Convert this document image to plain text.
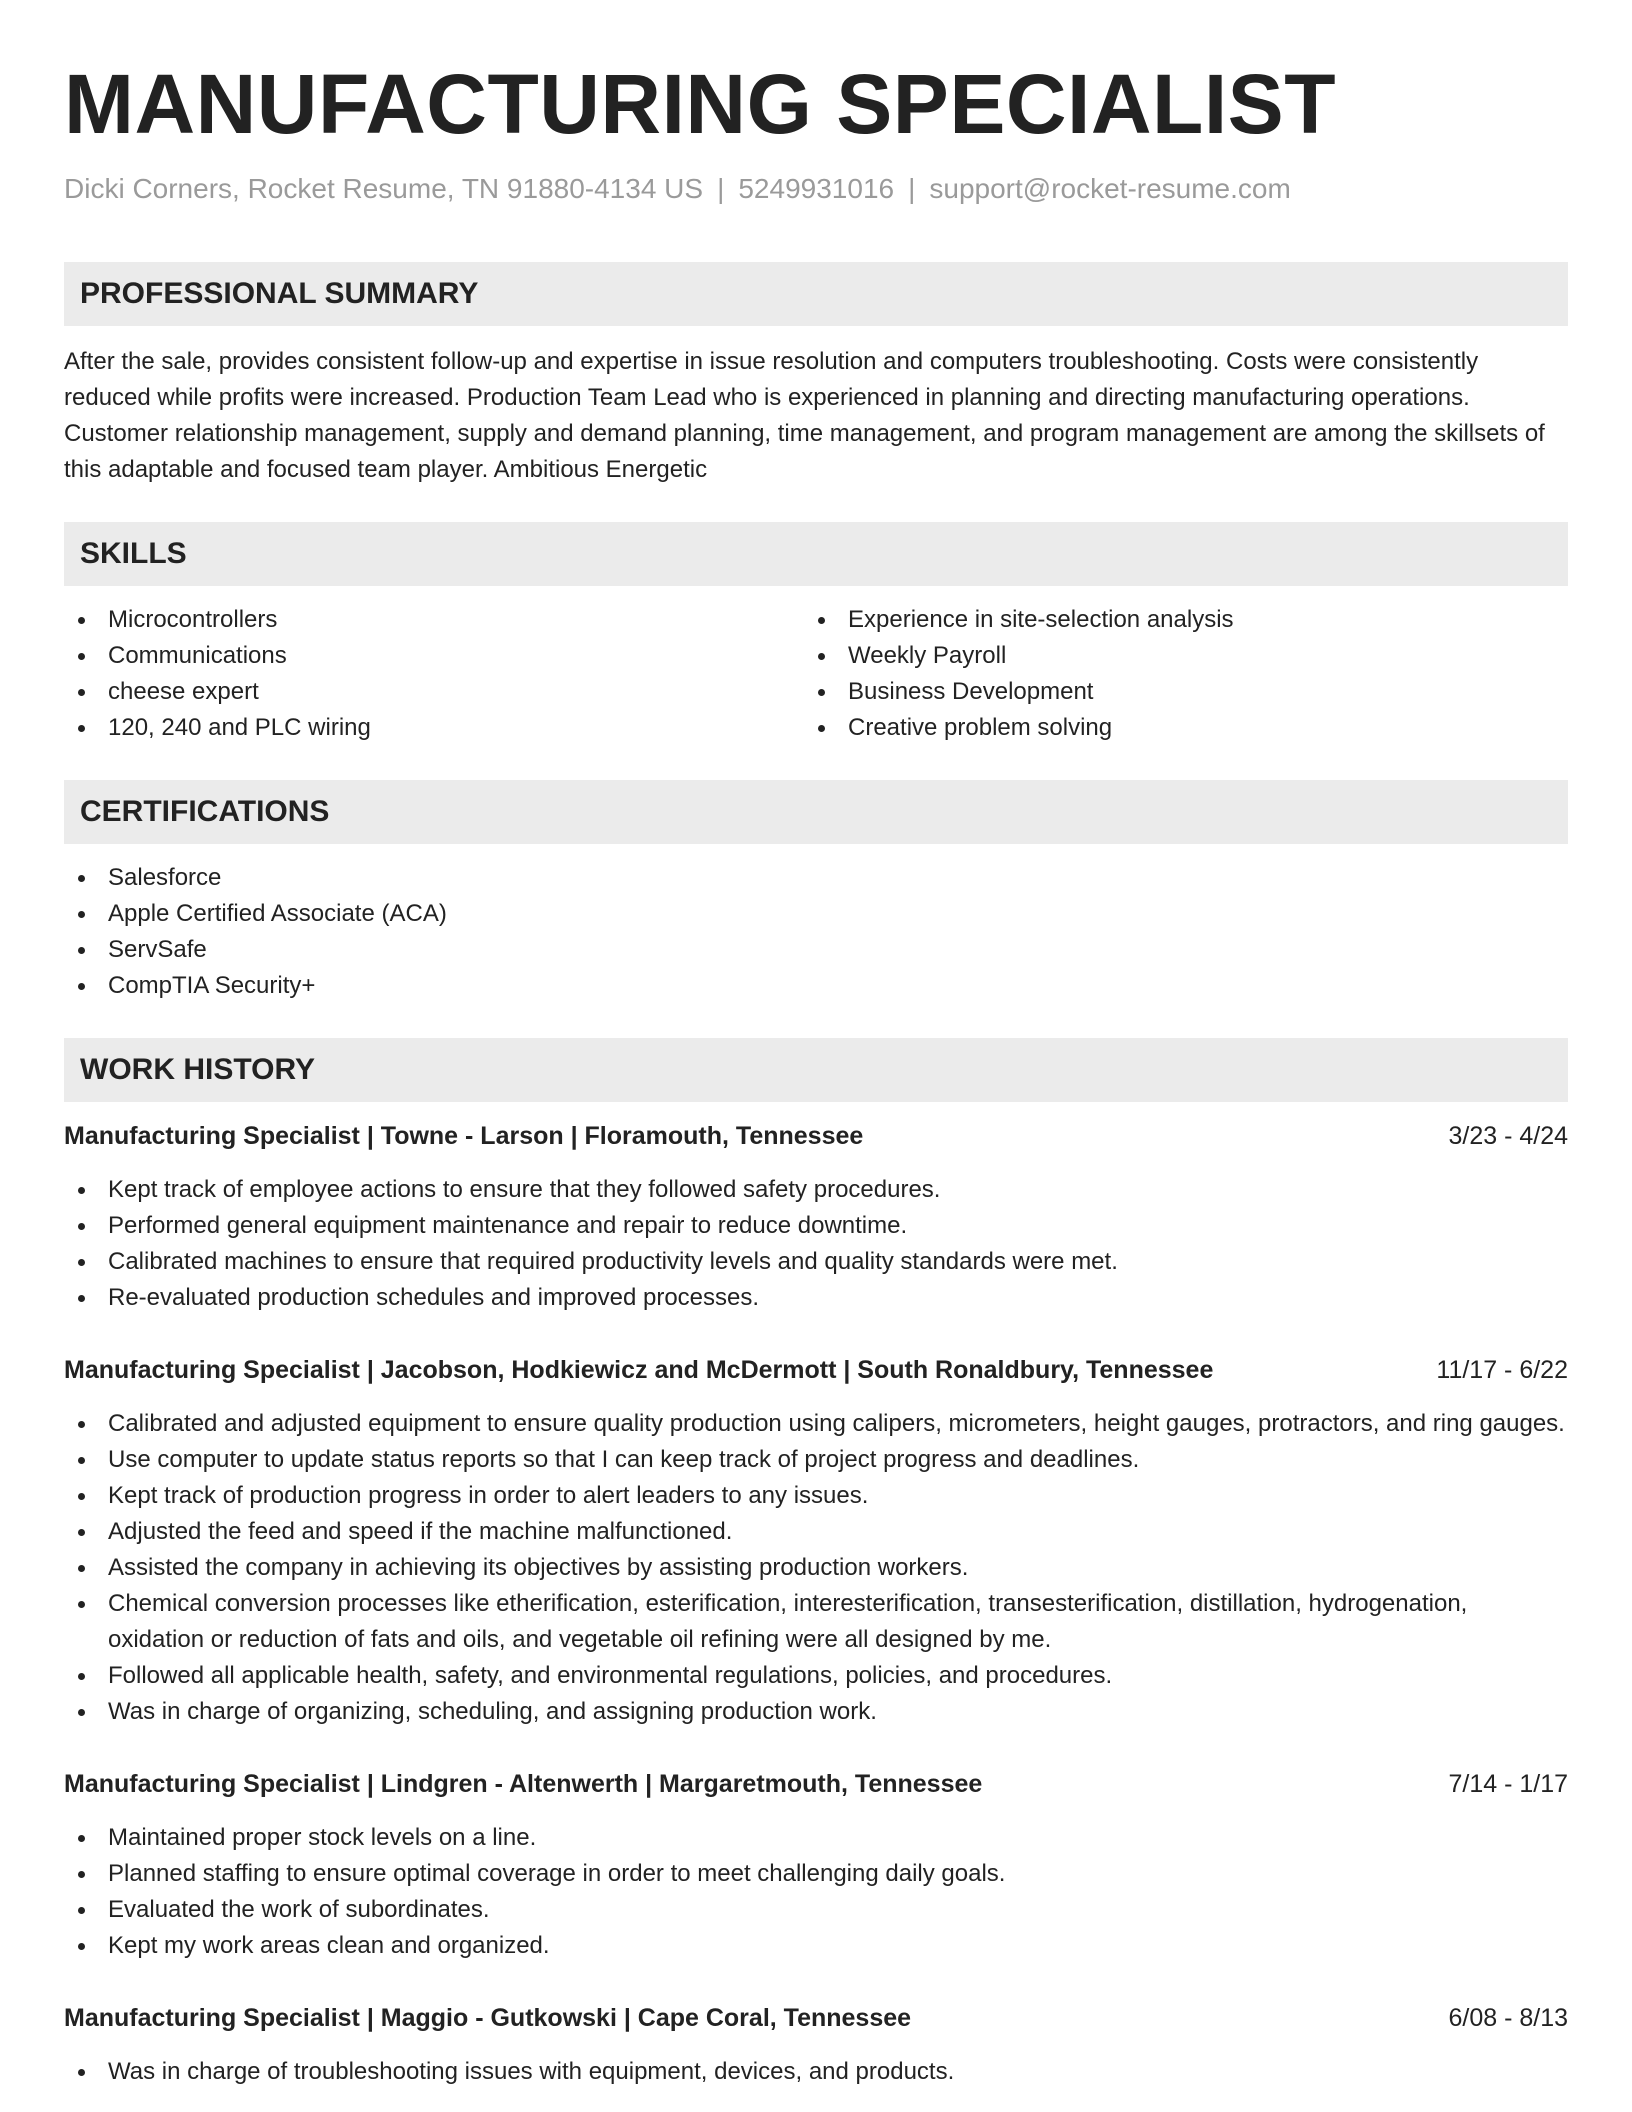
MANUFACTURING SPECIALIST
Dicki Corners, Rocket Resume, TN 91880-4134 US | 5249931016 | support@rocket-resume.com
PROFESSIONAL SUMMARY

After the sale, provides consistent follow-up and expertise in issue resolution and computers troubleshooting. Costs were consistently reduced while profits were increased. Production Team Lead who is experienced in planning and directing manufacturing operations. Customer relationship management, supply and demand planning, time management, and program management are among the skillsets of this adaptable and focused team player. Ambitious Energetic

SKILLS
Microcontrollers
Communications
cheese expert
120, 240 and PLC wiring
Experience in site-selection analysis
Weekly Payroll
Business Development
Creative problem solving
CERTIFICATIONS
Salesforce
Apple Certified Associate (ACA)
ServSafe
CompTIA Security+
WORK HISTORY
Manufacturing Specialist | Towne - Larson | Floramouth, Tennessee	3/23 - 4/24
Kept track of employee actions to ensure that they followed safety procedures.
Performed general equipment maintenance and repair to reduce downtime.
Calibrated machines to ensure that required productivity levels and quality standards were met.
Re-evaluated production schedules and improved processes.
Manufacturing Specialist | Jacobson, Hodkiewicz and McDermott | South Ronaldbury, Tennessee	11/17 - 6/22
Calibrated and adjusted equipment to ensure quality production using calipers, micrometers, height gauges, protractors, and ring gauges.
Use computer to update status reports so that I can keep track of project progress and deadlines.
Kept track of production progress in order to alert leaders to any issues.
Adjusted the feed and speed if the machine malfunctioned.
Assisted the company in achieving its objectives by assisting production workers.
Chemical conversion processes like etherification, esterification, interesterification, transesterification, distillation, hydrogenation, oxidation or reduction of fats and oils, and vegetable oil refining were all designed by me.
Followed all applicable health, safety, and environmental regulations, policies, and procedures.
Was in charge of organizing, scheduling, and assigning production work.
Manufacturing Specialist | Lindgren - Altenwerth | Margaretmouth, Tennessee	7/14 - 1/17
Maintained proper stock levels on a line.
Planned staffing to ensure optimal coverage in order to meet challenging daily goals.
Evaluated the work of subordinates.
Kept my work areas clean and organized.
Manufacturing Specialist | Maggio - Gutkowski | Cape Coral, Tennessee	6/08 - 8/13
Was in charge of troubleshooting issues with equipment, devices, and products.
